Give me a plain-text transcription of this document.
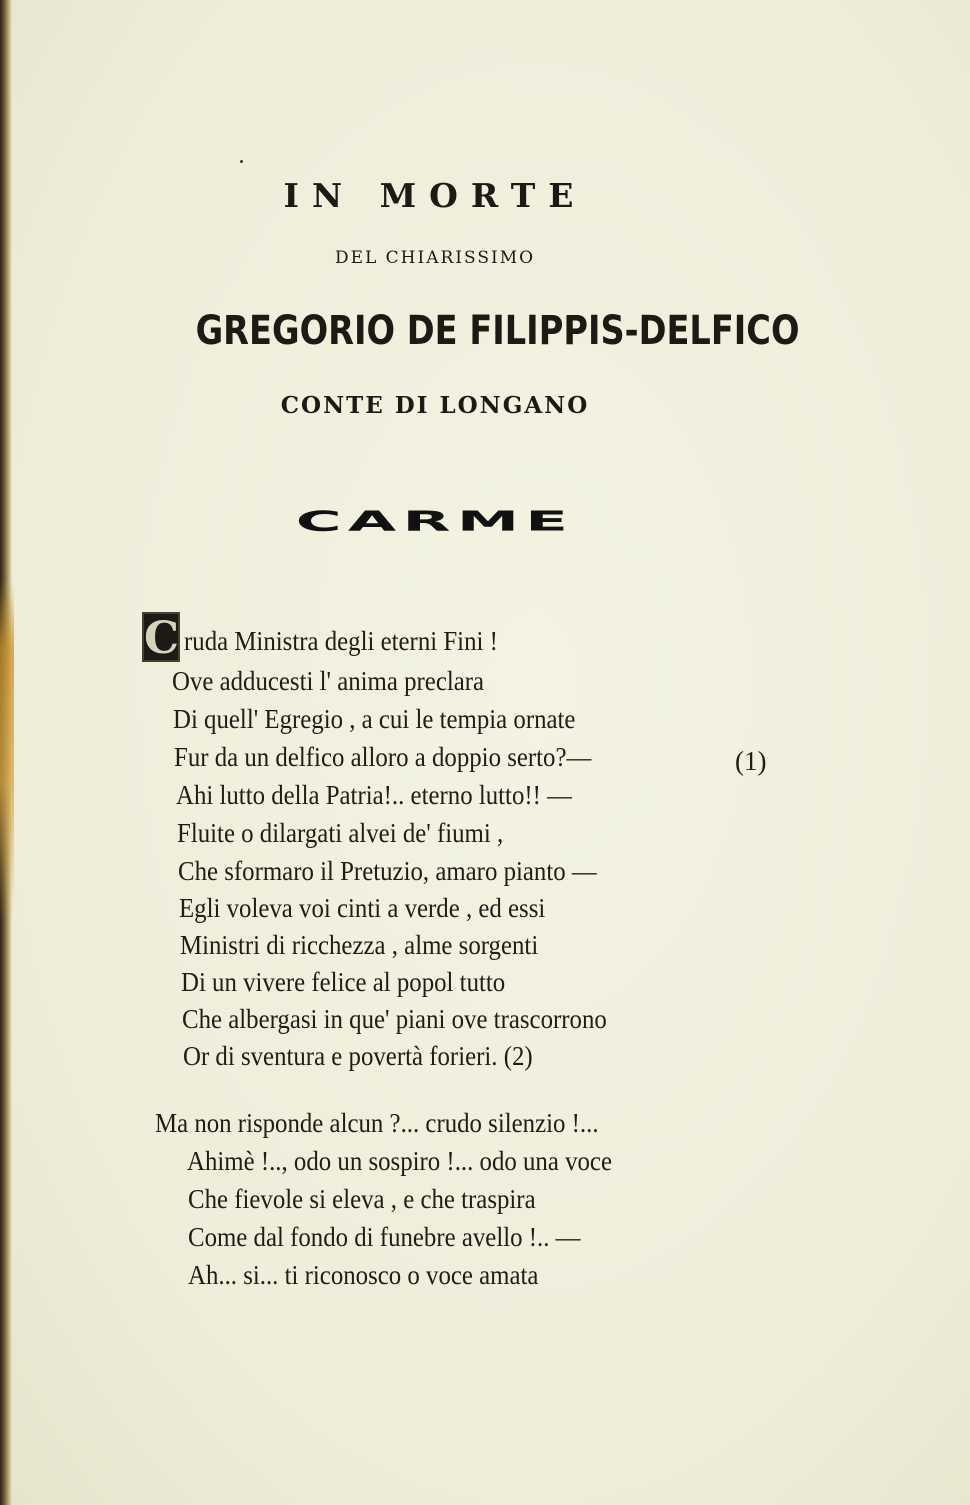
IN MORTE
DEL CHIARISSIMO
GREGORIO DE FILIPPIS-DELFICO
CONTE DI LONGANO
CARME
C ruda Ministra degli eterni Fini !
Ove adducesti l' anima preclara
Di quell' Egregio , a cui le tempia ornate
Fur da un delfico alloro a doppio serto?—	(1)
Ahi lutto della Patria!.. eterno lutto!! —
Fluite o dilargati alvei de' fiumi ,
Che sformaro il Pretuzio, amaro pianto —
Egli voleva voi cinti a verde , ed essi
Ministri di ricchezza , alme sorgenti
Di un vivere felice al popol tutto
Che albergasi in que' piani ove trascorrono
Or di sventura e povertà forieri. (2)
Ma non risponde alcun ?... crudo silenzio !...
Ahimè !.., odo un sospiro !... odo una voce
Che fievole si eleva , e che traspira
Come dal fondo di funebre avello !.. —
Ah... si... ti riconosco o voce amata
